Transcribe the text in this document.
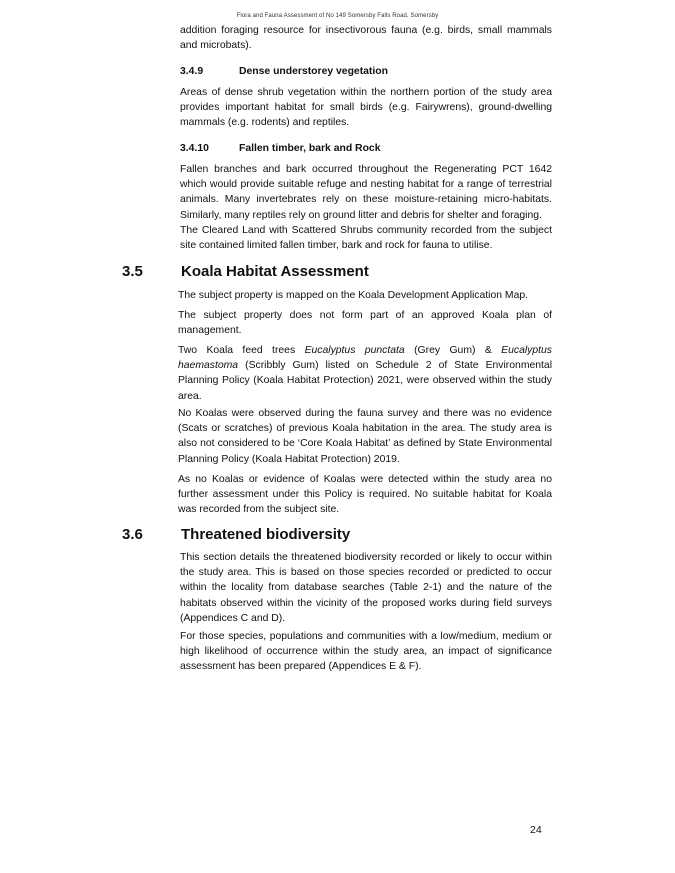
Flora and Fauna Assessment of No 149 Somersby Falls Road, Somersby

addition foraging resource for insectivorous fauna (e.g. birds, small mammals and microbats).

3.4.9	Dense understorey vegetation

Areas of dense shrub vegetation within the northern portion of the study area provides important habitat for small birds (e.g. Fairywrens), ground-dwelling mammals (e.g. rodents) and reptiles.

3.4.10	Fallen timber, bark and Rock

Fallen branches and bark occurred throughout the Regenerating PCT 1642 which would provide suitable refuge and nesting habitat for a range of terrestrial animals. Many invertebrates rely on these moisture-retaining micro-habitats. Similarly, many reptiles rely on ground litter and debris for shelter and foraging.

The Cleared Land with Scattered Shrubs community recorded from the subject site contained limited fallen timber, bark and rock for fauna to utilise.

3.5	Koala Habitat Assessment

The subject property is mapped on the Koala Development Application Map.

The subject property does not form part of an approved Koala plan of management.

Two Koala feed trees Eucalyptus punctata (Grey Gum) & Eucalyptus haemastoma (Scribbly Gum) listed on Schedule 2 of State Environmental Planning Policy (Koala Habitat Protection) 2021, were observed within the study area.

No Koalas were observed during the fauna survey and there was no evidence (Scats or scratches) of previous Koala habitation in the area. The study area is also not considered to be ‘Core Koala Habitat’ as defined by State Environmental Planning Policy (Koala Habitat Protection) 2019.

As no Koalas or evidence of Koalas were detected within the study area no further assessment under this Policy is required. No suitable habitat for Koala was recorded from the subject site.

3.6	Threatened biodiversity

This section details the threatened biodiversity recorded or likely to occur within the study area. This is based on those species recorded or predicted to occur within the locality from database searches (Table 2-1) and the nature of the habitats observed within the vicinity of the proposed works during field surveys (Appendices C and D).

For those species, populations and communities with a low/medium, medium or high likelihood of occurrence within the study area, an impact of significance assessment has been prepared (Appendices E & F).

24
